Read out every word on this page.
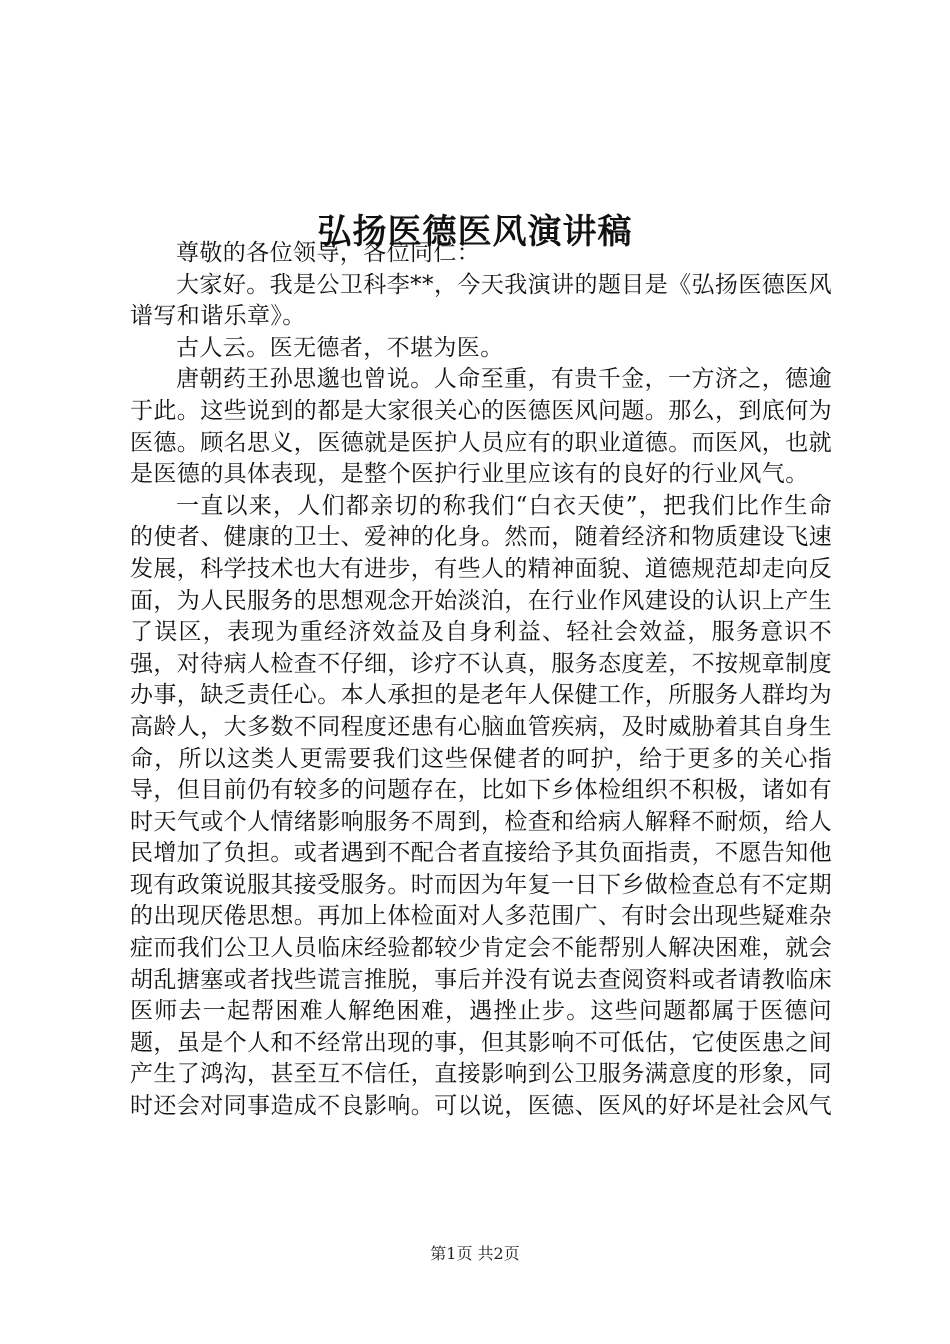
弘扬医德医风演讲稿

尊敬的各位领导，各位同仁：

大家好。我是公卫科李**，今天我演讲的题目是《弘扬医德医风谱写和谐乐章》。

古人云。医无德者，不堪为医。

唐朝药王孙思邈也曾说。人命至重，有贵千金，一方济之，德逾于此。这些说到的都是大家很关心的医德医风问题。那么，到底何为医德。顾名思义，医德就是医护人员应有的职业道德。而医风，也就是医德的具体表现，是整个医护行业里应该有的良好的行业风气。

一直以来，人们都亲切的称我们“白衣天使”，把我们比作生命的使者、健康的卫士、爱神的化身。然而，随着经济和物质建设飞速发展，科学技术也大有进步，有些人的精神面貌、道德规范却走向反面，为人民服务的思想观念开始淡泊，在行业作风建设的认识上产生了误区，表现为重经济效益及自身利益、轻社会效益，服务意识不强，对待病人检查不仔细，诊疗不认真，服务态度差，不按规章制度办事，缺乏责任心。本人承担的是老年人保健工作，所服务人群均为高龄人，大多数不同程度还患有心脑血管疾病，及时威胁着其自身生命，所以这类人更需要我们这些保健者的呵护，给于更多的关心指导，但目前仍有较多的问题存在，比如下乡体检组织不积极，诸如有时天气或个人情绪影响服务不周到，检查和给病人解释不耐烦，给人民增加了负担。或者遇到不配合者直接给予其负面指责，不愿告知他现有政策说服其接受服务。时而因为年复一日下乡做检查总有不定期的出现厌倦思想。再加上体检面对人多范围广、有时会出现些疑难杂症而我们公卫人员临床经验都较少肯定会不能帮别人解决困难，就会胡乱搪塞或者找些谎言推脱，事后并没有说去查阅资料或者请教临床医师去一起帮困难人解绝困难，遇挫止步。这些问题都属于医德问题，虽是个人和不经常出现的事，但其影响不可低估，它使医患之间产生了鸿沟，甚至互不信任，直接影响到公卫服务满意度的形象，同时还会对同事造成不良影响。可以说，医德、医风的好坏是社会风气

第1页 共2页
